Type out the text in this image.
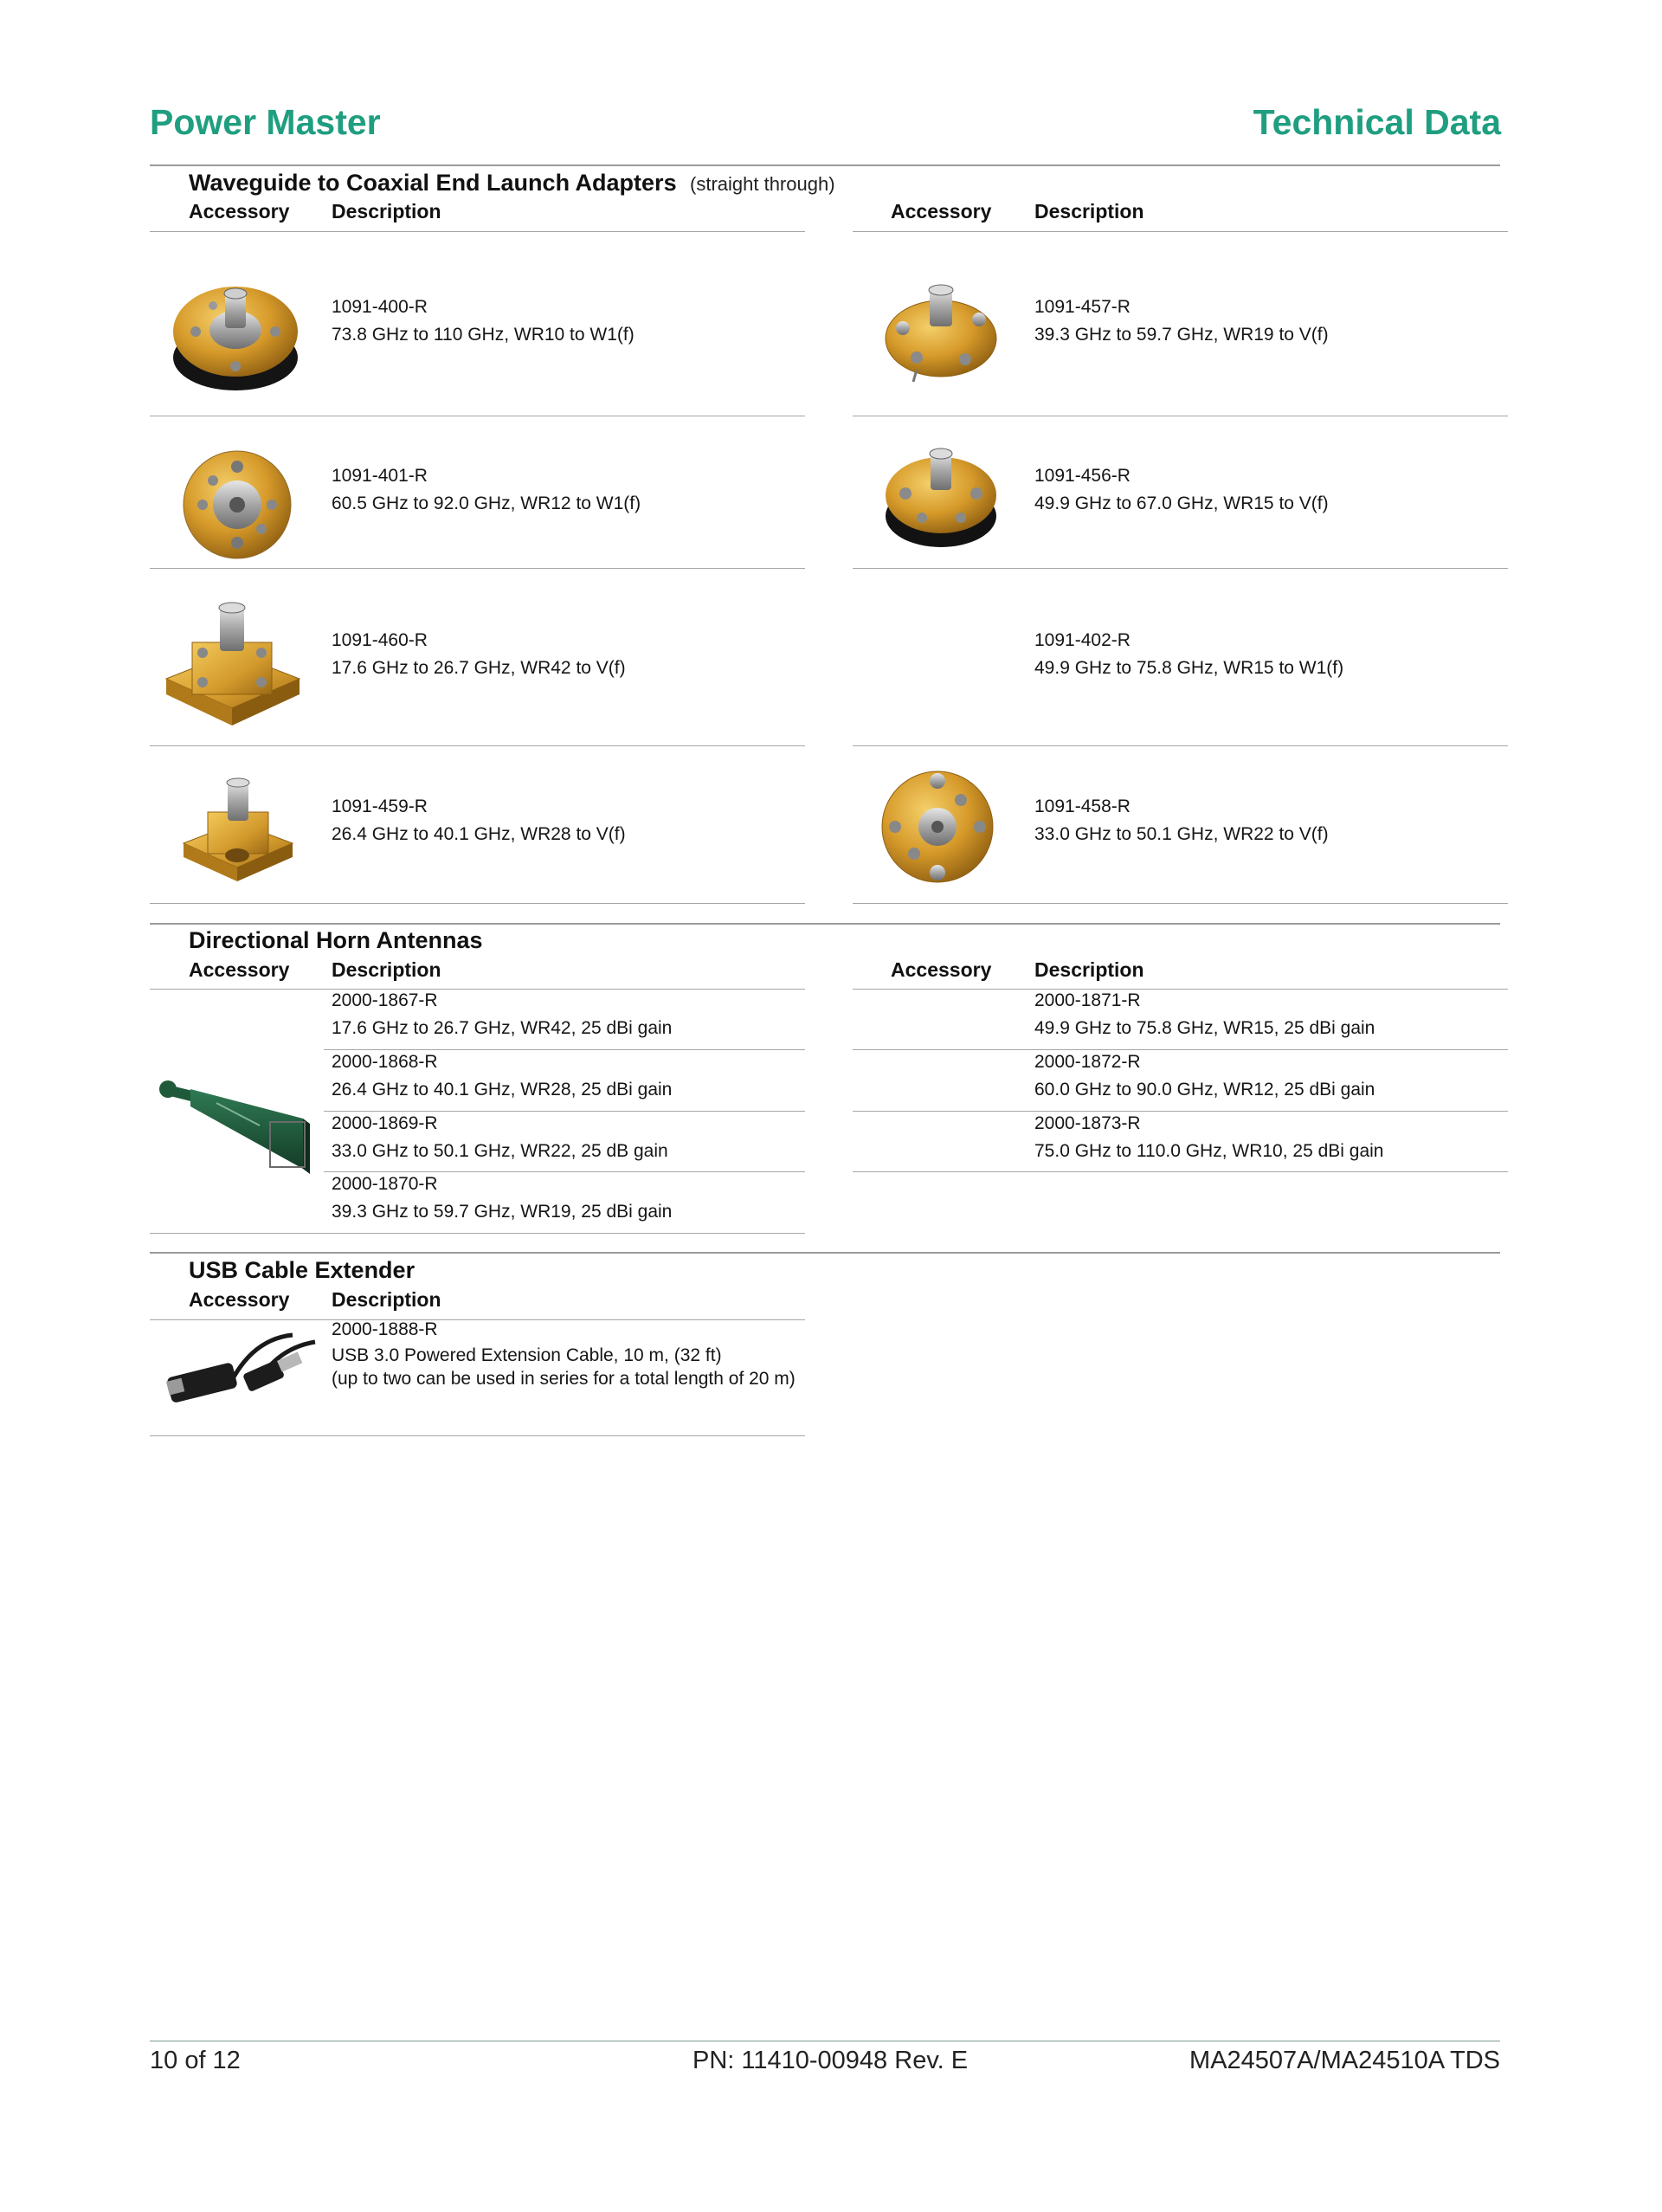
Power Master	Technical Data
Waveguide to Coaxial End Launch Adapters (straight through)
Accessory Description	Accessory Description
1091-400-R
73.8 GHz to 110 GHz, WR10 to W1(f)
1091-457-R
39.3 GHz to 59.7 GHz, WR19 to V(f)
1091-401-R
60.5 GHz to 92.0 GHz, WR12 to W1(f)
1091-456-R
49.9 GHz to 67.0 GHz, WR15 to V(f)
1091-460-R
17.6 GHz to 26.7 GHz, WR42 to V(f)
1091-402-R
49.9 GHz to 75.8 GHz, WR15 to W1(f)
1091-459-R
26.4 GHz to 40.1 GHz, WR28 to V(f)
1091-458-R
33.0 GHz to 50.1 GHz, WR22 to V(f)
Directional Horn Antennas
Accessory Description	Accessory Description
2000-1867-R
17.6 GHz to 26.7 GHz, WR42, 25 dBi gain
2000-1868-R
26.4 GHz to 40.1 GHz, WR28, 25 dBi gain
2000-1869-R
33.0 GHz to 50.1 GHz, WR22, 25 dB gain
2000-1870-R
39.3 GHz to 59.7 GHz, WR19, 25 dBi gain
2000-1871-R
49.9 GHz to 75.8 GHz, WR15, 25 dBi gain
2000-1872-R
60.0 GHz to 90.0 GHz, WR12, 25 dBi gain
2000-1873-R
75.0 GHz to 110.0 GHz, WR10, 25 dBi gain
USB Cable Extender
Accessory Description
2000-1888-R
USB 3.0 Powered Extension Cable, 10 m, (32 ft)
(up to two can be used in series for a total length of 20 m)
10 of 12	PN: 11410-00948 Rev. E	MA24507A/MA24510A TDS
